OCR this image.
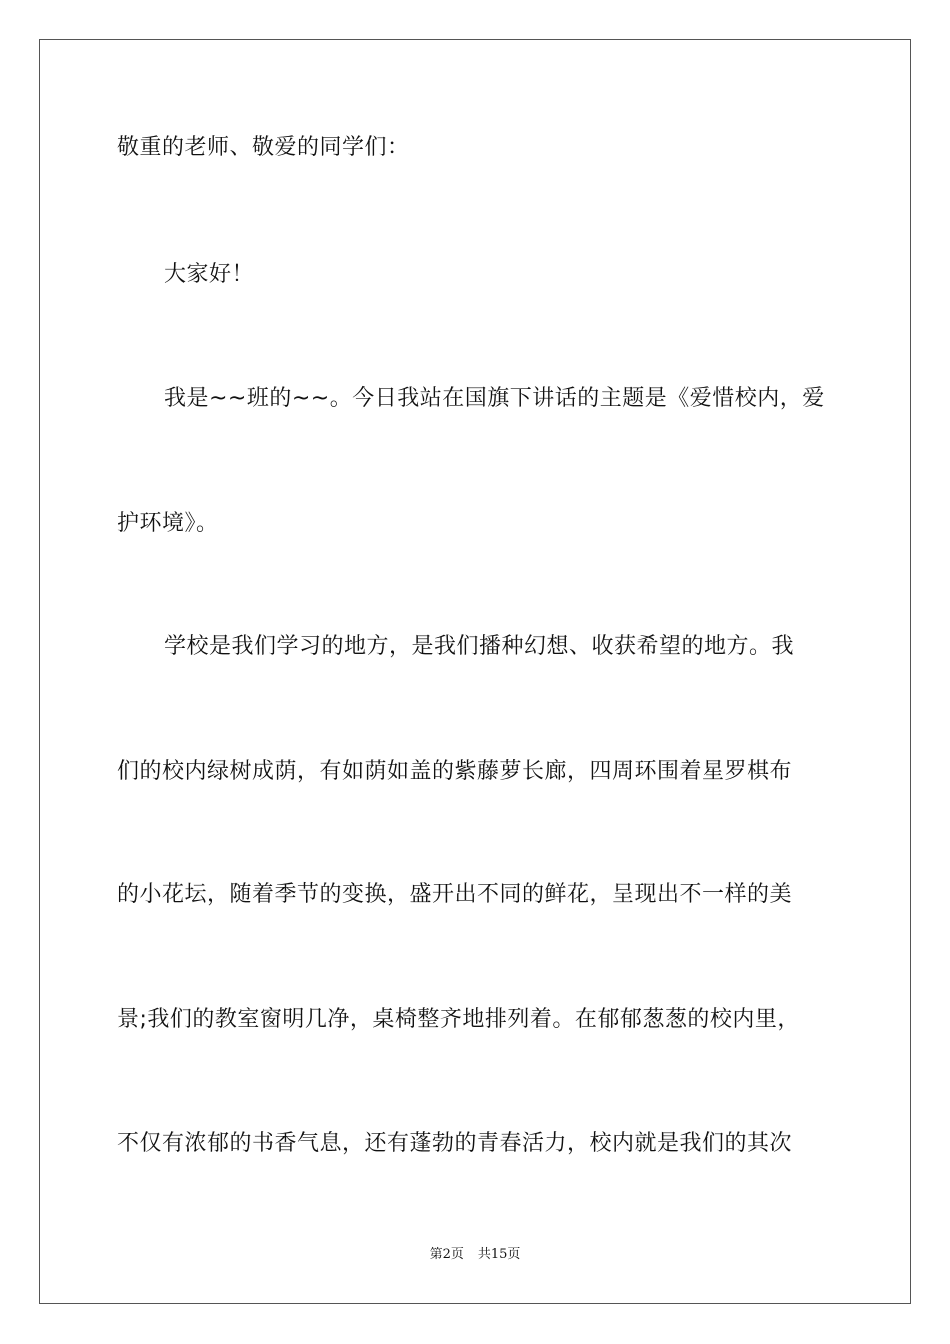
敬重的老师、敬爱的同学们：
大家好！
我是~~班的~~。今日我站在国旗下讲话的主题是《爱惜校内，爱
护环境》。
学校是我们学习的地方，是我们播种幻想、收获希望的地方。我
们的校内绿树成荫，有如荫如盖的紫藤萝长廊，四周环围着星罗棋布
的小花坛，随着季节的变换，盛开出不同的鲜花，呈现出不一样的美
景;我们的教室窗明几净，桌椅整齐地排列着。在郁郁葱葱的校内里，
不仅有浓郁的书香气息，还有蓬勃的青春活力，校内就是我们的其次
第2页 共15页
